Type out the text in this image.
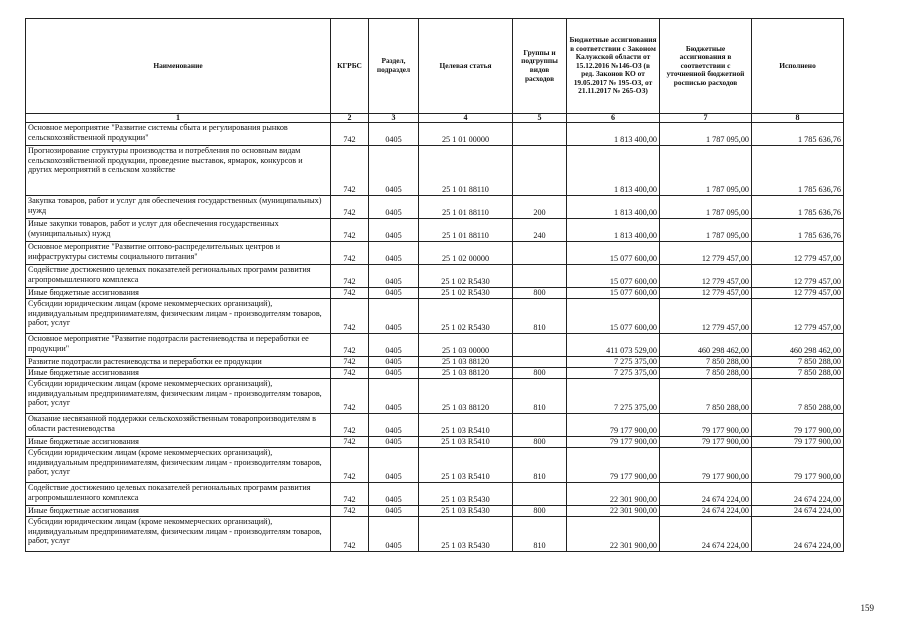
Наименование	КГРБС	Раздел, подраздел	Целевая статья	Группы и подгруппы видов расходов	Бюджетные ассигнования в соответствии с Законом Калужской области от 15.12.2016 №146-ОЗ (в ред. Законов КО от 19.05.2017 № 195-ОЗ, от 21.11.2017 № 265-ОЗ)	Бюджетные ассигнования в соответствии с уточненной бюджетной росписью расходов	Исполнено
1	2	3	4	5	6	7	8
Основное мероприятие "Развитие системы сбыта и регулирования рынков сельскохозяйственной продукции"	742	0405	25 1 01 00000		1 813 400,00	1 787 095,00	1 785 636,76
Прогнозирование структуры производства и потребления по основным видам сельскохозяйственной продукции, проведение выставок, ярмарок, конкурсов и других мероприятий в сельском хозяйстве	742	0405	25 1 01 88110		1 813 400,00	1 787 095,00	1 785 636,76
Закупка товаров, работ и услуг для обеспечения государственных (муниципальных) нужд	742	0405	25 1 01 88110	200	1 813 400,00	1 787 095,00	1 785 636,76
Иные закупки товаров, работ и услуг для обеспечения государственных (муниципальных) нужд	742	0405	25 1 01 88110	240	1 813 400,00	1 787 095,00	1 785 636,76
Основное мероприятие "Развитие оптово-распределительных центров и инфраструктуры системы социального питания"	742	0405	25 1 02 00000		15 077 600,00	12 779 457,00	12 779 457,00
Содействие достижению целевых показателей региональных программ развития агропромышленного комплекса	742	0405	25 1 02 R5430		15 077 600,00	12 779 457,00	12 779 457,00
Иные бюджетные ассигнования	742	0405	25 1 02 R5430	800	15 077 600,00	12 779 457,00	12 779 457,00
Субсидии юридическим лицам (кроме некоммерческих организаций), индивидуальным предпринимателям, физическим лицам - производителям товаров, работ, услуг	742	0405	25 1 02 R5430	810	15 077 600,00	12 779 457,00	12 779 457,00
Основное мероприятие "Развитие подотрасли растениеводства и переработки ее продукции"	742	0405	25 1 03 00000		411 073 529,00	460 298 462,00	460 298 462,00
Развитие подотрасли растениеводства и переработки ее продукции	742	0405	25 1 03 88120		7 275 375,00	7 850 288,00	7 850 288,00
Иные бюджетные ассигнования	742	0405	25 1 03 88120	800	7 275 375,00	7 850 288,00	7 850 288,00
Субсидии юридическим лицам (кроме некоммерческих организаций), индивидуальным предпринимателям, физическим лицам - производителям товаров, работ, услуг	742	0405	25 1 03 88120	810	7 275 375,00	7 850 288,00	7 850 288,00
Оказание несвязанной поддержки сельскохозяйственным товаропроизводителям в области растениеводства	742	0405	25 1 03 R5410		79 177 900,00	79 177 900,00	79 177 900,00
Иные бюджетные ассигнования	742	0405	25 1 03 R5410	800	79 177 900,00	79 177 900,00	79 177 900,00
Субсидии юридическим лицам (кроме некоммерческих организаций), индивидуальным предпринимателям, физическим лицам - производителям товаров, работ, услуг	742	0405	25 1 03 R5410	810	79 177 900,00	79 177 900,00	79 177 900,00
Содействие достижению целевых показателей региональных программ развития агропромышленного комплекса	742	0405	25 1 03 R5430		22 301 900,00	24 674 224,00	24 674 224,00
Иные бюджетные ассигнования	742	0405	25 1 03 R5430	800	22 301 900,00	24 674 224,00	24 674 224,00
Субсидии юридическим лицам (кроме некоммерческих организаций), индивидуальным предпринимателям, физическим лицам - производителям товаров, работ, услуг	742	0405	25 1 03 R5430	810	22 301 900,00	24 674 224,00	24 674 224,00
159
